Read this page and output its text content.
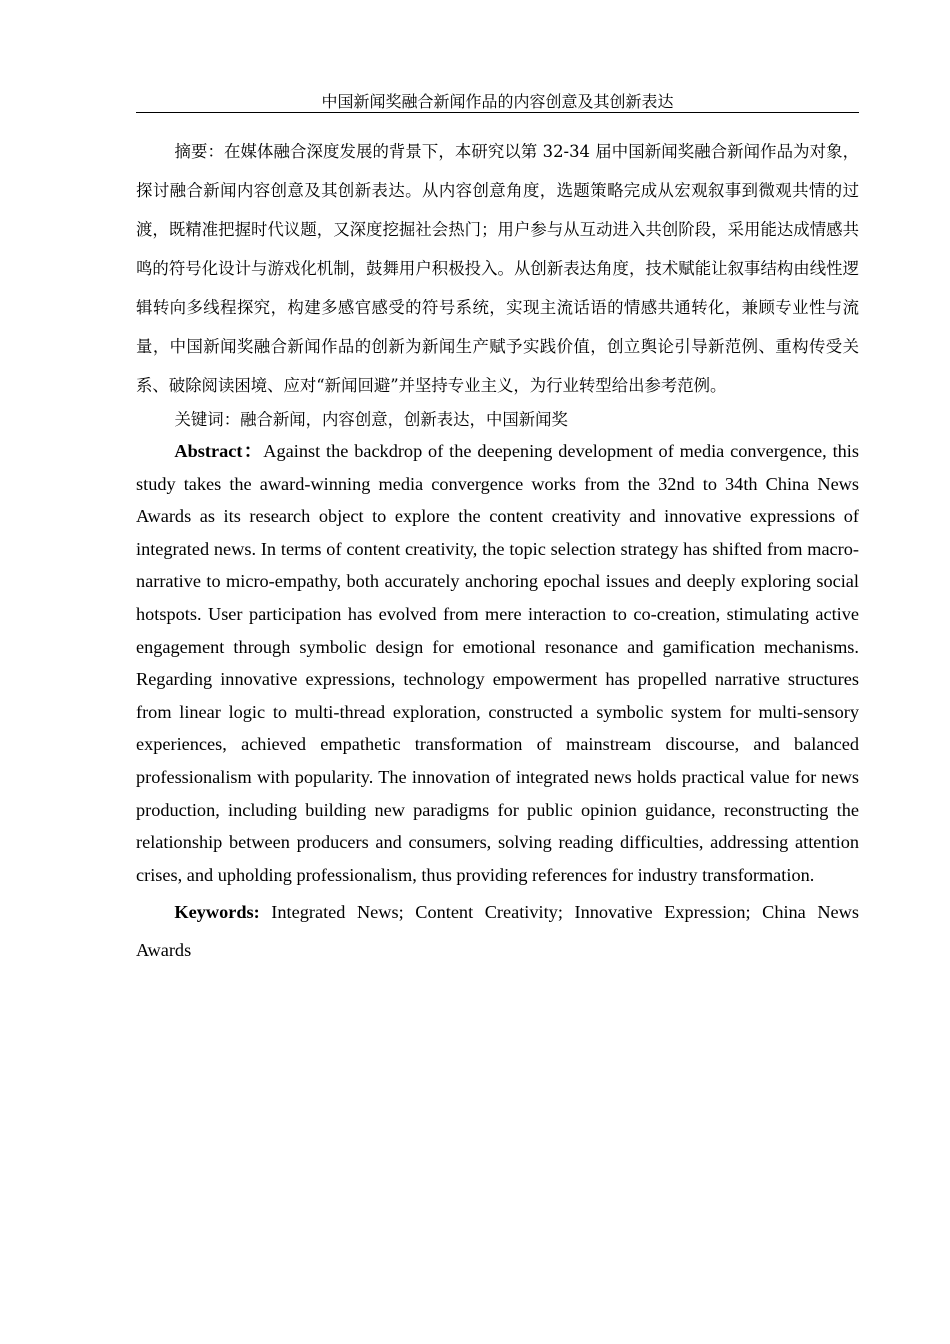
中国新闻奖融合新闻作品的内容创意及其创新表达

摘要：在媒体融合深度发展的背景下，本研究以第 32-34 届中国新闻奖融合新闻作品为对象，探讨融合新闻内容创意及其创新表达。从内容创意角度，选题策略完成从宏观叙事到微观共情的过渡，既精准把握时代议题，又深度挖掘社会热门；用户参与从互动进入共创阶段，采用能达成情感共鸣的符号化设计与游戏化机制，鼓舞用户积极投入。从创新表达角度，技术赋能让叙事结构由线性逻辑转向多线程探究，构建多感官感受的符号系统，实现主流话语的情感共通转化，兼顾专业性与流量，中国新闻奖融合新闻作品的创新为新闻生产赋予实践价值，创立舆论引导新范例、重构传受关系、破除阅读困境、应对“新闻回避”并坚持专业主义，为行业转型给出参考范例。

关键词：融合新闻，内容创意，创新表达，中国新闻奖

Abstract：Against the backdrop of the deepening development of media convergence, this study takes the award-winning media convergence works from the 32nd to 34th China News Awards as its research object to explore the content creativity and innovative expressions of integrated news. In terms of content creativity, the topic selection strategy has shifted from macro-narrative to micro-empathy, both accurately anchoring epochal issues and deeply exploring social hotspots. User participation has evolved from mere interaction to co-creation, stimulating active engagement through symbolic design for emotional resonance and gamification mechanisms. Regarding innovative expressions, technology empowerment has propelled narrative structures from linear logic to multi-thread exploration, constructed a symbolic system for multi-sensory experiences, achieved empathetic transformation of mainstream discourse, and balanced professionalism with popularity. The innovation of integrated news holds practical value for news production, including building new paradigms for public opinion guidance, reconstructing the relationship between producers and consumers, solving reading difficulties, addressing attention crises, and upholding professionalism, thus providing references for industry transformation.

Keywords: Integrated News; Content Creativity; Innovative Expression; China News Awards
